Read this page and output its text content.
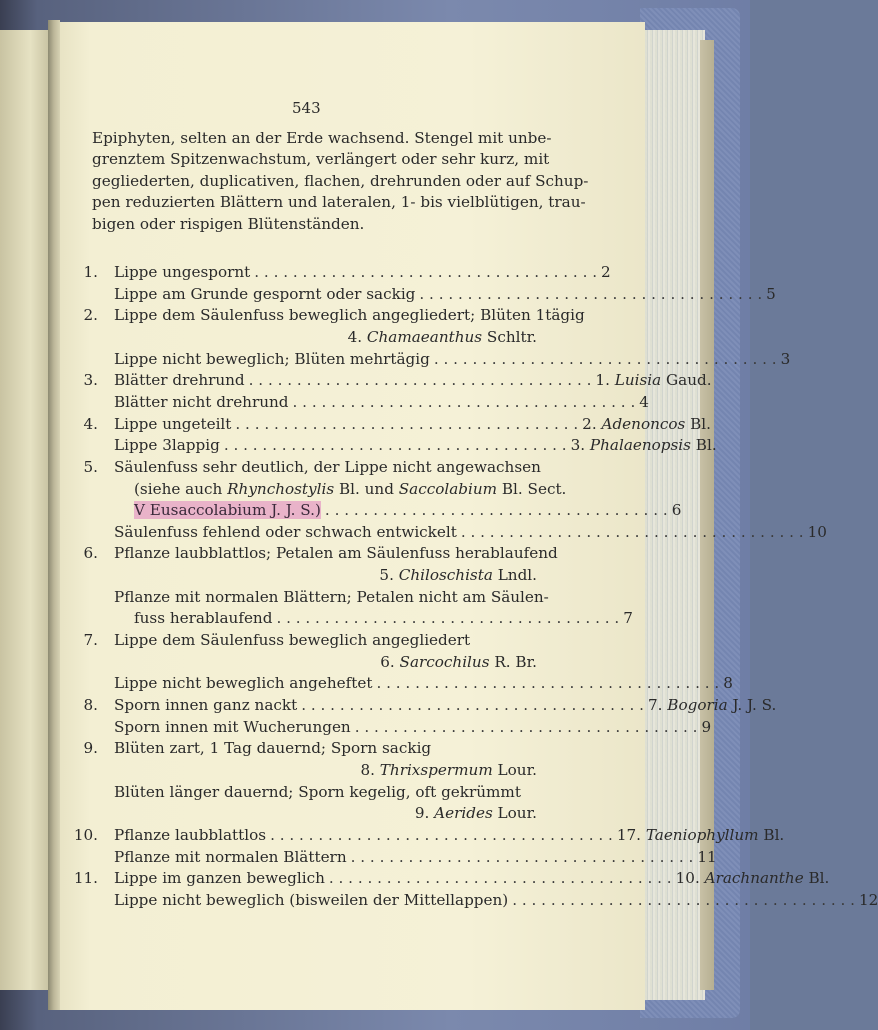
543
Epiphyten, selten an der Erde wachsend. Stengel mit unbe-
grenztem Spitzenwachstum, verlängert oder sehr kurz, mit
gegliederten, duplicativen, flachen, drehrunden oder auf Schup-
pen reduzierten Blättern und lateralen, 1- bis vielblütigen, trau-
bigen oder rispigen Blütenständen.
1. Lippe ungespornt . . . . . . . . . . . . . . . . . . . . . . . . . . . . . . . . . . . . 2
Lippe am Grunde gespornt oder sackig . . . . . . . . . . . . . . . . . . . . . . . . . . . . . . . . . . . . 5
2. Lippe dem Säulenfuss beweglich angegliedert; Blüten 1tägig
4. Chamaeanthus Schltr.
Lippe nicht beweglich; Blüten mehrtägig . . . . . . . . . . . . . . . . . . . . . . . . . . . . . . . . . . . . 3
3. Blätter drehrund . . . . . . . . . . . . . . . . . . . . . . . . . . . . . . . . . . . . 1. Luisia Gaud.
Blätter nicht drehrund . . . . . . . . . . . . . . . . . . . . . . . . . . . . . . . . . . . . 4
4. Lippe ungeteilt . . . . . . . . . . . . . . . . . . . . . . . . . . . . . . . . . . . . 2. Adenoncos Bl.
Lippe 3lappig . . . . . . . . . . . . . . . . . . . . . . . . . . . . . . . . . . . . 3. Phalaenopsis Bl.
5. Säulenfuss sehr deutlich, der Lippe nicht angewachsen
(siehe auch Rhynchostylis Bl. und Saccolabium Bl. Sect.
V Eusaccolabium J. J. S.) . . . . . . . . . . . . . . . . . . . . . . . . . . . . . . . . . . . . 6
Säulenfuss fehlend oder schwach entwickelt . . . . . . . . . . . . . . . . . . . . . . . . . . . . . . . . . . . . 10
6. Pflanze laubblattlos; Petalen am Säulenfuss herablaufend
5. Chiloschista Lndl.
Pflanze mit normalen Blättern; Petalen nicht am Säulen-
fuss herablaufend . . . . . . . . . . . . . . . . . . . . . . . . . . . . . . . . . . . . 7
7. Lippe dem Säulenfuss beweglich angegliedert
6. Sarcochilus R. Br.
Lippe nicht beweglich angeheftet . . . . . . . . . . . . . . . . . . . . . . . . . . . . . . . . . . . . 8
8. Sporn innen ganz nackt . . . . . . . . . . . . . . . . . . . . . . . . . . . . . . . . . . . . 7. Bogoria J. J. S.
Sporn innen mit Wucherungen . . . . . . . . . . . . . . . . . . . . . . . . . . . . . . . . . . . . 9
9. Blüten zart, 1 Tag dauernd; Sporn sackig
8. Thrixspermum Lour.
Blüten länger dauernd; Sporn kegelig, oft gekrümmt
9. Aerides Lour.
10. Pflanze laubblattlos . . . . . . . . . . . . . . . . . . . . . . . . . . . . . . . . . . . . 17. Taeniophyllum Bl.
Pflanze mit normalen Blättern . . . . . . . . . . . . . . . . . . . . . . . . . . . . . . . . . . . . 11
11. Lippe im ganzen beweglich . . . . . . . . . . . . . . . . . . . . . . . . . . . . . . . . . . . . 10. Arachnanthe Bl.
Lippe nicht beweglich (bisweilen der Mittellappen) . . . . . . . . . . . . . . . . . . . . . . . . . . . . . . . . . . . . 12
